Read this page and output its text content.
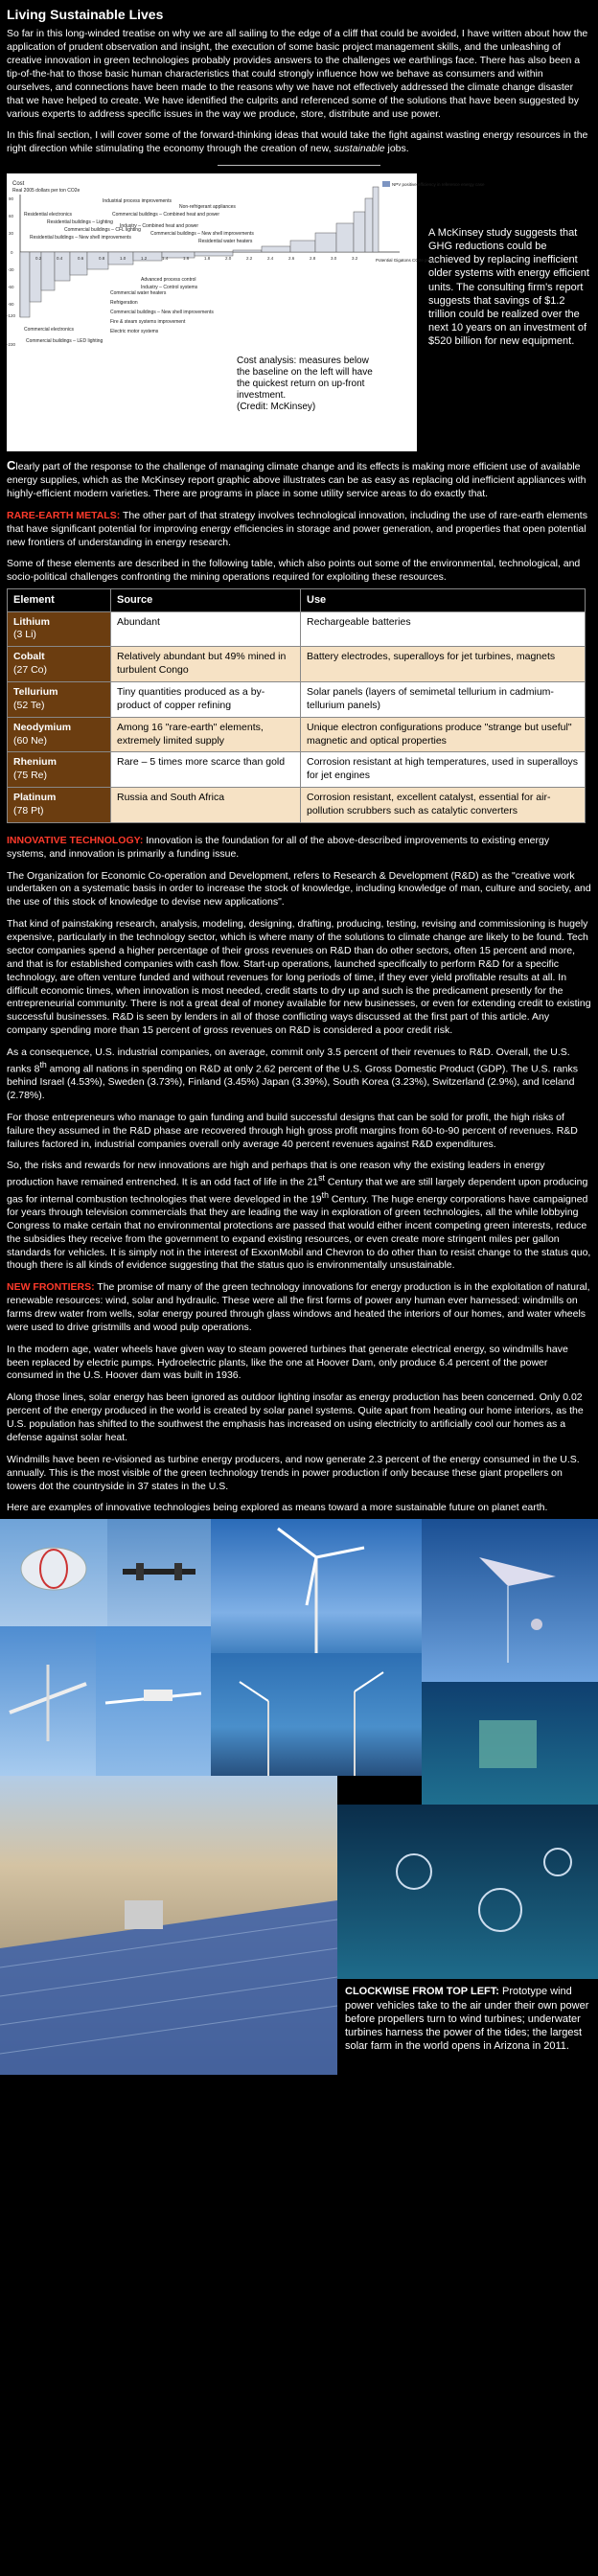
Living Sustainable Lives

So far in this long-winded treatise on why we are all sailing to the edge of a cliff that could be avoided, I have written about how the application of prudent observation and insight, the execution of some basic project management skills, and the unleashing of creative innovation in green technologies probably provides answers to the challenges we earthlings face. There has also been a tip-of-the-hat to those basic human characteristics that could strongly influence how we behave as consumers and within ourselves, and connections have been made to the reasons why we have not effectively addressed the climate change disaster that we have helped to create. We have identified the culprits and referenced some of the solutions that have been suggested by various experts to address specific issues in the way we produce, store, distribute and use power.

In this final section, I will cover some of the forward-thinking ideas that would take the fight against wasting energy resources in the right direction while stimulating the economy through the creation of new, sustainable jobs.

Cost
Real 2005 dollars per ton CO2e
NPV positive efficiency in reference energy case
Industrial process improvements
Non-refrigerant appliances
Residential electronics
Residential buildings – Lighting
Commercial buildings – CFL lighting
Residential buildings – New shell improvements
Commercial buildings – Combined heat and power
Industry – Combined heat and power
Commercial buildings – New shell improvements
Residential water heaters
Commercial electronics
Commercial buildings – LED lighting
Commercial water heaters
Refrigeration
Commercial buildings – New shell improvements
Fire & steam systems improvement
Electric motor systems
Advanced process control
Industry – Control systems
Potential Gigatons CO2e per year
0.2	0.4	0.6	0.8	1.0	1.2	1.4	1.6	1.8	2.0	2.2	2.4	2.6	2.8	3.0	3.2
90
60
30
0
-30
-60
-90
-120
-230
Cost analysis: measures below the baseline on the left will have the quickest return on up-front investment.
(Credit: McKinsey)
A McKinsey study suggests that GHG reductions could be achieved by replacing inefficient older systems with energy efficient units. The consulting firm's report suggests that savings of $1.2 trillion could be realized over the next 10 years on an investment of $520 billion for new equipment.

Clearly part of the response to the challenge of managing climate change and its effects is making more efficient use of available energy supplies, which as the McKinsey report graphic above illustrates can be as easy as replacing old inefficient appliances with highly-efficient modern varieties. There are programs in place in some utility service areas to do exactly that.

RARE-EARTH METALS: The other part of that strategy involves technological innovation, including the use of rare-earth elements that have significant potential for improving energy efficiencies in storage and power generation, and properties that open potential new frontiers of understanding in energy research.

Some of these elements are described in the following table, which also points out some of the environmental, technological, and socio-political challenges confronting the mining operations required for exploiting these resources.

Element	Source	Use
Lithium
(3 Li)	Abundant	Rechargeable batteries
Cobalt
(27 Co)	Relatively abundant but 49% mined in turbulent Congo	Battery electrodes, superalloys for jet turbines, magnets
Tellurium
(52 Te)	Tiny quantities produced as a by-product of copper refining	Solar panels (layers of semimetal tellurium in cadmium-tellurium panels)
Neodymium
(60 Ne)	Among 16 "rare-earth" elements, extremely limited supply	Unique electron configurations produce "strange but useful" magnetic and optical properties
Rhenium
(75 Re)	Rare – 5 times more scarce than gold	Corrosion resistant at high temperatures, used in superalloys for jet engines
Platinum
(78 Pt)	Russia and South Africa	Corrosion resistant, excellent catalyst, essential for air-pollution scrubbers such as catalytic converters

INNOVATIVE TECHNOLOGY: Innovation is the foundation for all of the above-described improvements to existing energy systems, and innovation is primarily a funding issue.

The Organization for Economic Co-operation and Development, refers to Research & Development (R&D) as the "creative work undertaken on a systematic basis in order to increase the stock of knowledge, including knowledge of man, culture and society, and the use of this stock of knowledge to devise new applications".

That kind of painstaking research, analysis, modeling, designing, drafting, producing, testing, revising and commissioning is hugely expensive, particularly in the technology sector, which is where many of the solutions to climate change are likely to be found. Tech sector companies spend a higher percentage of their gross revenues on R&D than do other sectors, often 15 percent and more, and that is for established companies with cash flow. Start-up operations, launched specifically to perform R&D for a specific technology, are often venture funded and without revenues for long periods of time, if they ever yield profitable results at all. In difficult economic times, when innovation is most needed, credit starts to dry up and such is the predicament presently for the entrepreneurial community. There is not a great deal of money available for new businesses, or even for extending credit to existing successful businesses. R&D is seen by lenders in all of those conflicting ways discussed at the first part of this article. Any company spending more than 15 percent of gross revenues on R&D is considered a poor credit risk.

As a consequence, U.S. industrial companies, on average, commit only 3.5 percent of their revenues to R&D. Overall, the U.S. ranks 8th among all nations in spending on R&D at only 2.62 percent of the U.S. Gross Domestic Product (GDP). The U.S. ranks behind Israel (4.53%), Sweden (3.73%), Finland (3.45%) Japan (3.39%), South Korea (3.23%), Switzerland (2.9%), and Iceland (2.78%).

For those entrepreneurs who manage to gain funding and build successful designs that can be sold for profit, the high risks of failure they assumed in the R&D phase are recovered through high gross profit margins from 60-to-90 percent of revenues. R&D failures factored in, industrial companies overall only average 40 percent revenues against R&D expenditures.

So, the risks and rewards for new innovations are high and perhaps that is one reason why the existing leaders in energy production have remained entrenched. It is an odd fact of life in the 21st Century that we are still largely dependent upon producing gas for internal combustion technologies that were developed in the 19th Century. The huge energy corporations have campaigned for years through television commercials that they are leading the way in exploration of green technologies, all the while lobbying Congress to make certain that no environmental protections are passed that would either incent competing green interests, reduce the subsidies they receive from the government to expand existing resources, or even create more stringent miles per gallon standards for vehicles. It is simply not in the interest of ExxonMobil and Chevron to do other than to resist change to the status quo, though there is all kinds of evidence suggesting that the status quo is environmentally unsustainable.

NEW FRONTIERS: The promise of many of the green technology innovations for energy production is in the exploitation of natural, renewable resources: wind, solar and hydraulic. These were all the first forms of power any human ever harnessed: windmills on farms drew water from wells, solar energy poured through glass windows and heated the interiors of our homes, and water wheels were used to drive gristmills and wood pulp operations.

In the modern age, water wheels have given way to steam powered turbines that generate electrical energy, so windmills have been replaced by electric pumps. Hydroelectric plants, like the one at Hoover Dam, only produce 6.4 percent of the power consumed in the U.S. Hoover dam was built in 1936.

Along those lines, solar energy has been ignored as outdoor lighting insofar as energy production has been concerned. Only 0.02 percent of the energy produced in the world is created by solar panel systems. Quite apart from heating our home interiors, as the U.S. population has shifted to the southwest the emphasis has increased on using electricity to artificially cool our homes as a defense against solar heat.

Windmills have been re-visioned as turbine energy producers, and now generate 2.3 percent of the energy consumed in the U.S. annually. This is the most visible of the green technology trends in power production if only because these giant propellers on towers dot the countryside in 37 states in the U.S.

Here are examples of innovative technologies being explored as means toward a more sustainable future on planet earth.

CLOCKWISE FROM TOP LEFT: Prototype wind power vehicles take to the air under their own power before propellers turn to wind turbines; underwater turbines harness the power of the tides; the largest solar farm in the world opens in Arizona in 2011.
